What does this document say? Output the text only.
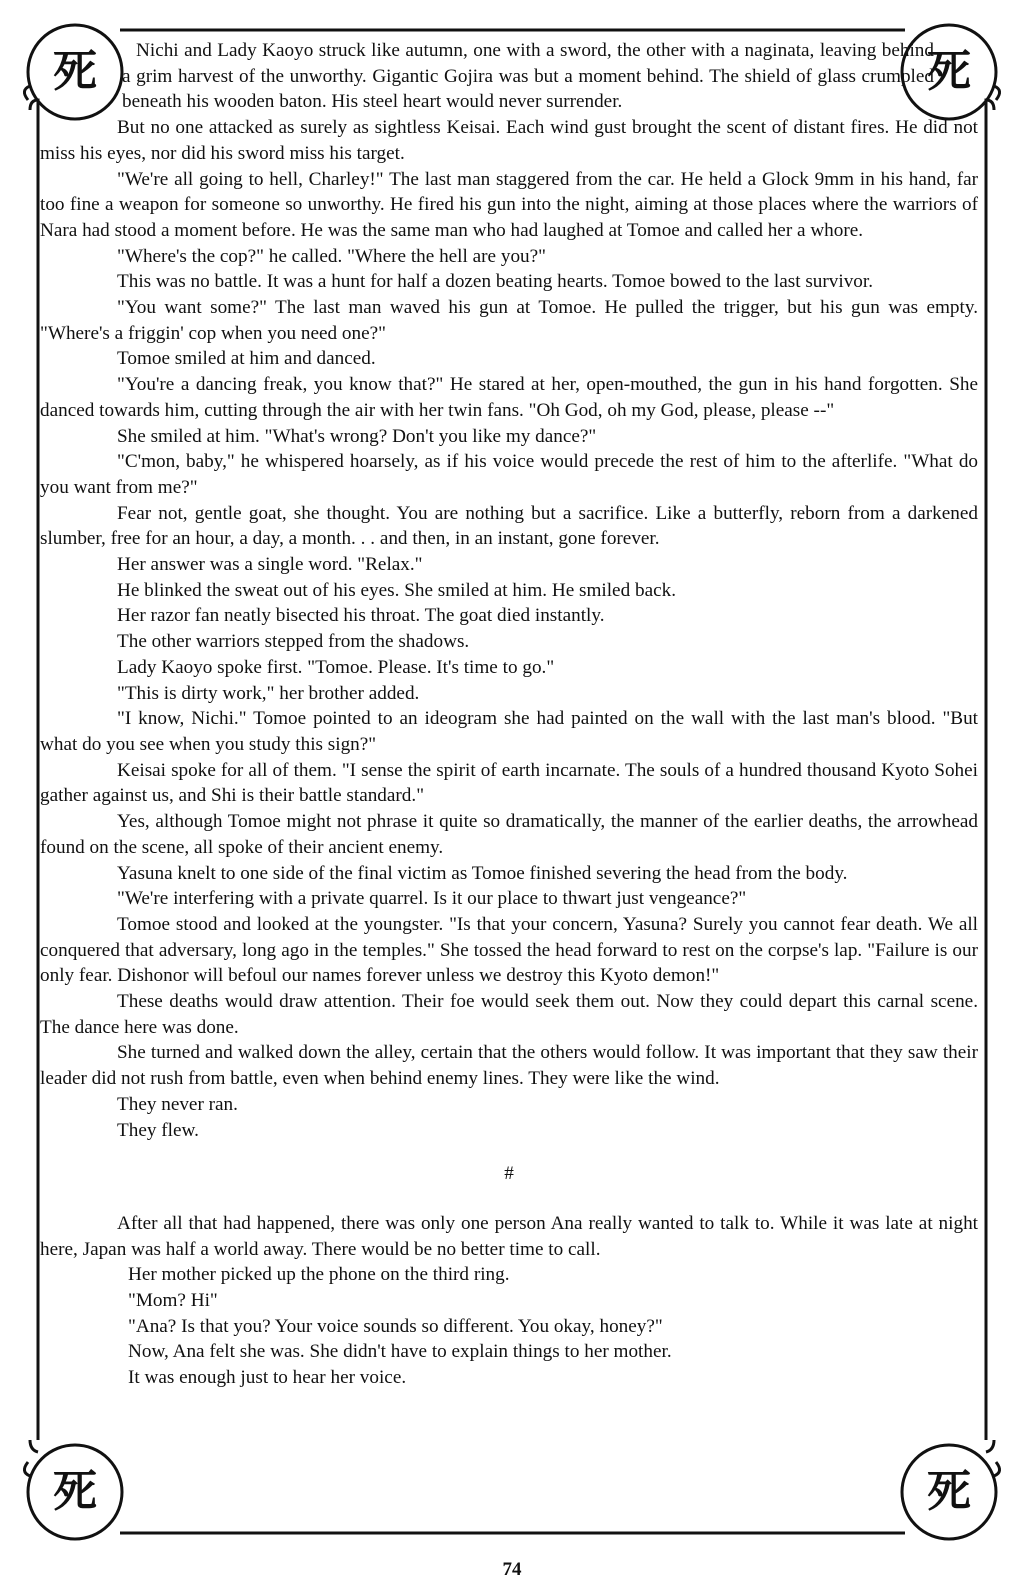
死	死
死	死

Nichi and Lady Kaoyo struck like autumn, one with a sword, the other with a naginata, leaving behind a grim harvest of the unworthy. Gigantic Gojira was but a moment behind. The shield of glass crumpled beneath his wooden baton. His steel heart would never surrender.

But no one attacked as surely as sightless Keisai. Each wind gust brought the scent of distant fires. He did not miss his eyes, nor did his sword miss his target.

"We're all going to hell, Charley!" The last man staggered from the car. He held a Glock 9mm in his hand, far too fine a weapon for someone so unworthy. He fired his gun into the night, aiming at those places where the warriors of Nara had stood a moment before. He was the same man who had laughed at Tomoe and called her a whore.

"Where's the cop?" he called. "Where the hell are you?"

This was no battle. It was a hunt for half a dozen beating hearts. Tomoe bowed to the last survivor.

"You want some?" The last man waved his gun at Tomoe. He pulled the trigger, but his gun was empty. "Where's a friggin' cop when you need one?"

Tomoe smiled at him and danced.

"You're a dancing freak, you know that?" He stared at her, open-mouthed, the gun in his hand forgotten. She danced towards him, cutting through the air with her twin fans. "Oh God, oh my God, please, please --"

She smiled at him. "What's wrong? Don't you like my dance?"

"C'mon, baby," he whispered hoarsely, as if his voice would precede the rest of him to the afterlife. "What do you want from me?"

Fear not, gentle goat, she thought. You are nothing but a sacrifice. Like a butterfly, reborn from a darkened slumber, free for an hour, a day, a month. . . and then, in an instant, gone forever.

Her answer was a single word. "Relax."

He blinked the sweat out of his eyes. She smiled at him. He smiled back.

Her razor fan neatly bisected his throat. The goat died instantly.

The other warriors stepped from the shadows.

Lady Kaoyo spoke first. "Tomoe. Please. It's time to go."

"This is dirty work," her brother added.

"I know, Nichi." Tomoe pointed to an ideogram she had painted on the wall with the last man's blood. "But what do you see when you study this sign?"

Keisai spoke for all of them. "I sense the spirit of earth incarnate. The souls of a hundred thousand Kyoto Sohei gather against us, and Shi is their battle standard."

Yes, although Tomoe might not phrase it quite so dramatically, the manner of the earlier deaths, the arrowhead found on the scene, all spoke of their ancient enemy.

Yasuna knelt to one side of the final victim as Tomoe finished severing the head from the body.

"We're interfering with a private quarrel. Is it our place to thwart just vengeance?"

Tomoe stood and looked at the youngster. "Is that your concern, Yasuna? Surely you cannot fear death. We all conquered that adversary, long ago in the temples." She tossed the head forward to rest on the corpse's lap. "Failure is our only fear. Dishonor will befoul our names forever unless we destroy this Kyoto demon!"

These deaths would draw attention. Their foe would seek them out. Now they could depart this carnal scene. The dance here was done.

She turned and walked down the alley, certain that the others would follow. It was important that they saw their leader did not rush from battle, even when behind enemy lines. They were like the wind.

They never ran.

They flew.

#

After all that had happened, there was only one person Ana really wanted to talk to. While it was late at night here, Japan was half a world away. There would be no better time to call.

Her mother picked up the phone on the third ring.

"Mom? Hi"

"Ana? Is that you? Your voice sounds so different. You okay, honey?"

Now, Ana felt she was. She didn't have to explain things to her mother.

It was enough just to hear her voice.

74
